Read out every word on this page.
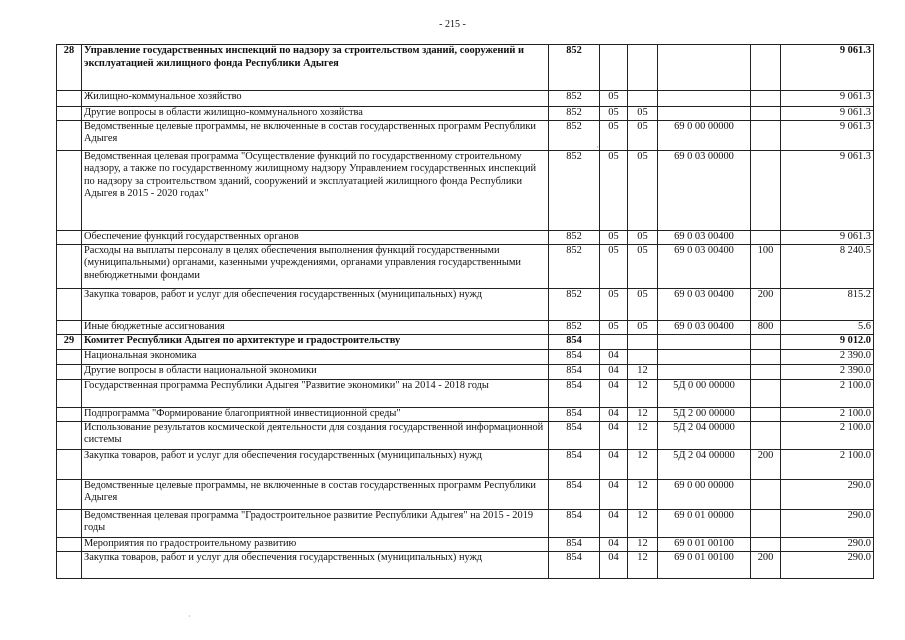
- 215 -
28	Управление государственных инспекций по надзору за строительством зданий, сооружений и эксплуатацией жилищного фонда Республики Адыгея	852					9 061.3
	Жилищно-коммунальное хозяйство	852	05				9 061.3
	Другие вопросы в области жилищно-коммунального хозяйства	852	05	05			9 061.3
	Ведомственные целевые программы, не включенные в состав государственных программ Республики Адыгея	852	05	05	69 0 00 00000		9 061.3
	Ведомственная целевая программа "Осуществление функций по государственному строительному надзору, а также по государственному жилищному надзору Управлением государственных инспекций по надзору за строительством зданий, сооружений и эксплуатацией жилищного фонда Республики Адыгея в 2015 - 2020 годах"	852	05	05	69 0 03 00000		9 061.3
	Обеспечение функций государственных органов	852	05	05	69 0 03 00400		9 061.3
	Расходы на выплаты персоналу в целях обеспечения выполнения функций государственными (муниципальными) органами, казенными учреждениями, органами управления государственными внебюджетными фондами	852	05	05	69 0 03 00400	100	8 240.5
	Закупка товаров, работ и услуг для обеспечения государственных (муниципальных) нужд	852	05	05	69 0 03 00400	200	815.2
	Иные бюджетные ассигнования	852	05	05	69 0 03 00400	800	5.6
29	Комитет Республики Адыгея по архитектуре и градостроительству	854					9 012.0
	Национальная экономика	854	04				2 390.0
	Другие вопросы в области национальной экономики	854	04	12			2 390.0
	Государственная программа Республики Адыгея "Развитие экономики" на 2014 - 2018 годы	854	04	12	5Д 0 00 00000		2 100.0
	Подпрограмма "Формирование благоприятной инвестиционной среды"	854	04	12	5Д 2 00 00000		2 100.0
	Использование результатов космической деятельности для создания государственной информационной системы	854	04	12	5Д 2 04 00000		2 100.0
	Закупка товаров, работ и услуг для обеспечения государственных (муниципальных) нужд	854	04	12	5Д 2 04 00000	200	2 100.0
	Ведомственные целевые программы, не включенные в состав государственных программ Республики Адыгея	854	04	12	69 0 00 00000		290.0
	Ведомственная целевая программа "Градостроительное развитие Республики Адыгея" на 2015 - 2019 годы	854	04	12	69 0 01 00000		290.0
	Мероприятия по градостроительному развитию	854	04	12	69 0 01 00100		290.0
	Закупка товаров, работ и услуг для обеспечения государственных (муниципальных) нужд	854	04	12	69 0 01 00100	200	290.0
·
·
